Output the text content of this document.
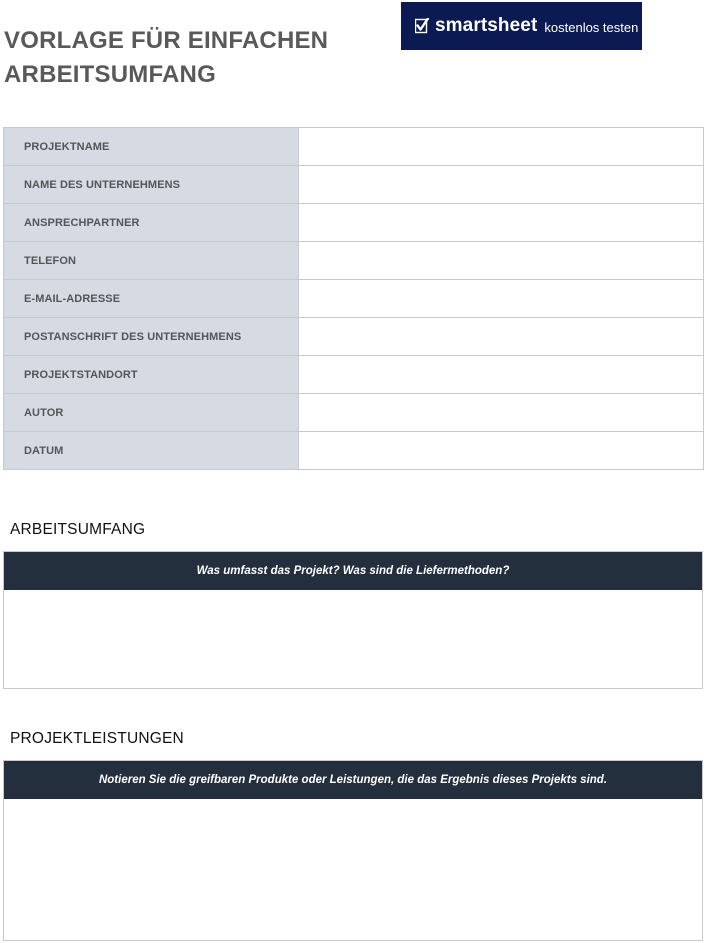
VORLAGE FÜR EINFACHEN
ARBEITSUMFANG
smartsheet kostenlos testen
PROJEKTNAME	
NAME DES UNTERNEHMENS	
ANSPRECHPARTNER	
TELEFON	
E-MAIL-ADRESSE	
POSTANSCHRIFT DES UNTERNEHMENS	
PROJEKTSTANDORT	
AUTOR	
DATUM	
ARBEITSUMFANG
Was umfasst das Projekt? Was sind die Liefermethoden?
PROJEKTLEISTUNGEN
Notieren Sie die greifbaren Produkte oder Leistungen, die das Ergebnis dieses Projekts sind.
